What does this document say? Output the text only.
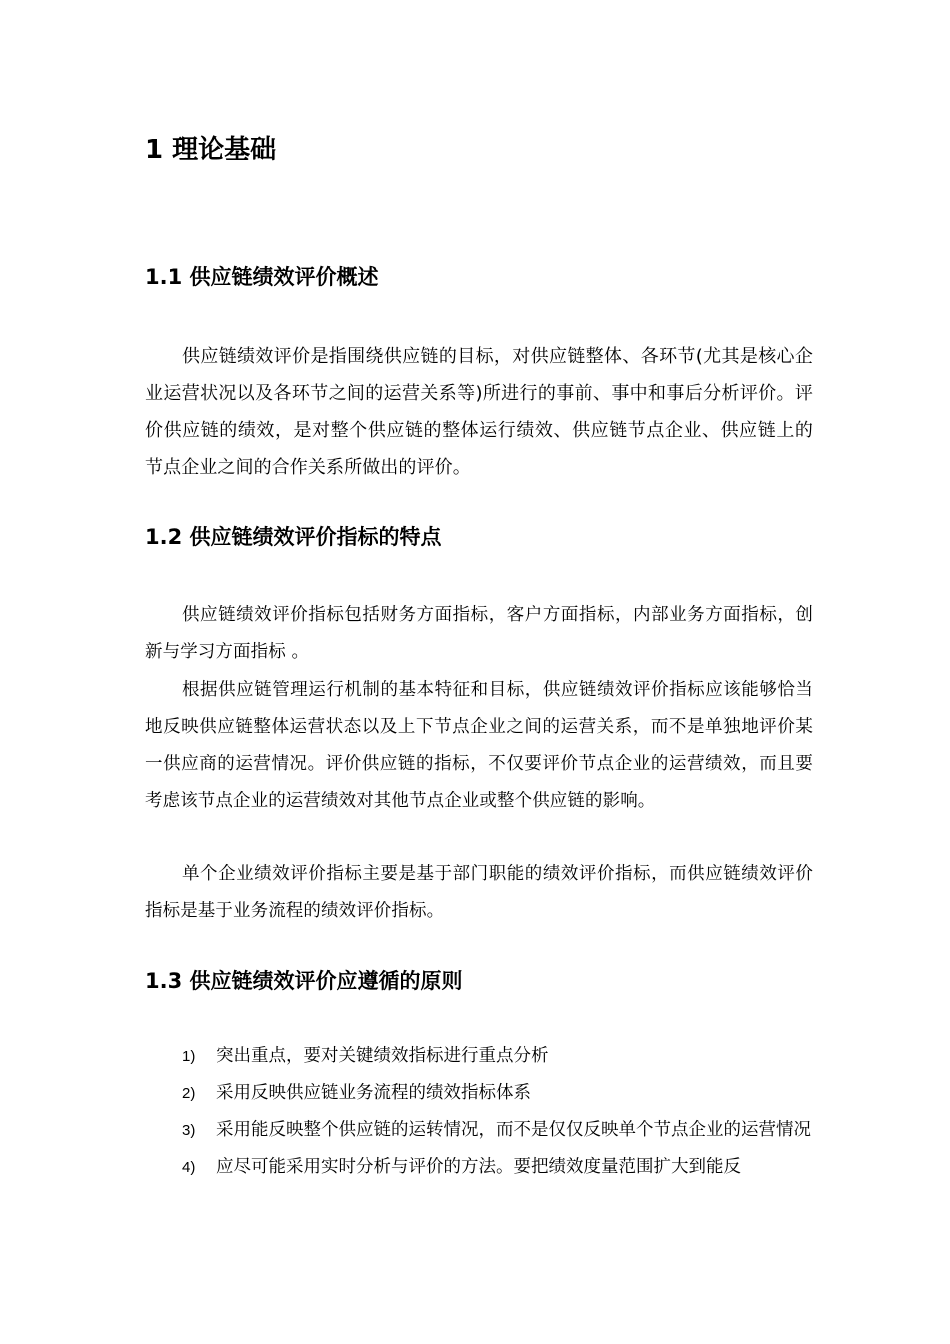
1 理论基础
1.1 供应链绩效评价概述

供应链绩效评价是指围绕供应链的目标，对供应链整体、各环节(尤其是核心企业运营状况以及各环节之间的运营关系等)所进行的事前、事中和事后分析评价。评价供应链的绩效，是对整个供应链的整体运行绩效、供应链节点企业、供应链上的节点企业之间的合作关系所做出的评价。

1.2 供应链绩效评价指标的特点

供应链绩效评价指标包括财务方面指标，客户方面指标，内部业务方面指标，创新与学习方面指标 。

根据供应链管理运行机制的基本特征和目标，供应链绩效评价指标应该能够恰当地反映供应链整体运营状态以及上下节点企业之间的运营关系，而不是单独地评价某一供应商的运营情况。评价供应链的指标，不仅要评价节点企业的运营绩效，而且要考虑该节点企业的运营绩效对其他节点企业或整个供应链的影响。

单个企业绩效评价指标主要是基于部门职能的绩效评价指标，而供应链绩效评价指标是基于业务流程的绩效评价指标。

1.3 供应链绩效评价应遵循的原则
1) 突出重点，要对关键绩效指标进行重点分析
2) 采用反映供应链业务流程的绩效指标体系
3) 采用能反映整个供应链的运转情况，而不是仅仅反映单个节点企业的运营情况
4) 应尽可能采用实时分析与评价的方法。要把绩效度量范围扩大到能反
